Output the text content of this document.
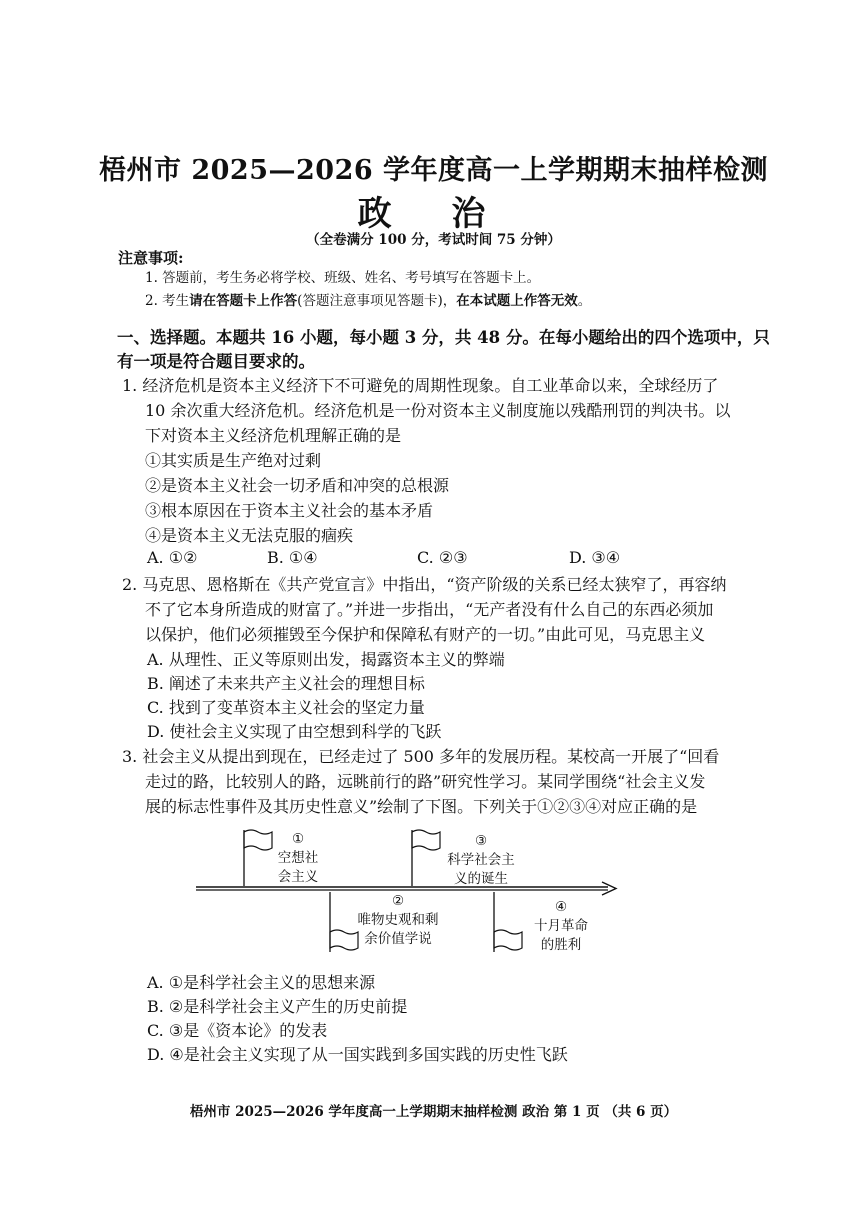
梧州市 2025—2026 学年度高一上学期期末抽样检测
政 治
（全卷满分 100 分，考试时间 75 分钟）
注意事项:
1. 答题前，考生务必将学校、班级、姓名、考号填写在答题卡上。
2. 考生请在答题卡上作答(答题注意事项见答题卡)，在本试题上作答无效。
一、选择题。本题共 16 小题，每小题 3 分，共 48 分。在每小题给出的四个选项中，只
有一项是符合题目要求的。
1. 经济危机是资本主义经济下不可避免的周期性现象。自工业革命以来，全球经历了
10 余次重大经济危机。经济危机是一份对资本主义制度施以残酷刑罚的判决书。以
下对资本主义经济危机理解正确的是
①其实质是生产绝对过剩
②是资本主义社会一切矛盾和冲突的总根源
③根本原因在于资本主义社会的基本矛盾
④是资本主义无法克服的痼疾
A. ①②	B. ①④	C. ②③	D. ③④
2. 马克思、恩格斯在《共产党宣言》中指出，“资产阶级的关系已经太狭窄了，再容纳
不了它本身所造成的财富了。”并进一步指出，“无产者没有什么自己的东西必须加
以保护，他们必须摧毁至今保护和保障私有财产的一切。”由此可见，马克思主义
A. 从理性、正义等原则出发，揭露资本主义的弊端
B. 阐述了未来共产主义社会的理想目标
C. 找到了变革资本主义社会的坚定力量
D. 使社会主义实现了由空想到科学的飞跃
3. 社会主义从提出到现在，已经走过了 500 多年的发展历程。某校高一开展了“回看
走过的路，比较别人的路，远眺前行的路”研究性学习。某同学围绕“社会主义发
展的标志性事件及其历史性意义”绘制了下图。下列关于①②③④对应正确的是
①
空想社
会主义
②
唯物史观和剩
余价值学说
③
科学社会主
义的诞生
④
十月革命
的胜利
A. ①是科学社会主义的思想来源
B. ②是科学社会主义产生的历史前提
C. ③是《资本论》的发表
D. ④是社会主义实现了从一国实践到多国实践的历史性飞跃
梧州市 2025—2026 学年度高一上学期期末抽样检测 政治 第 1 页 （共 6 页）
